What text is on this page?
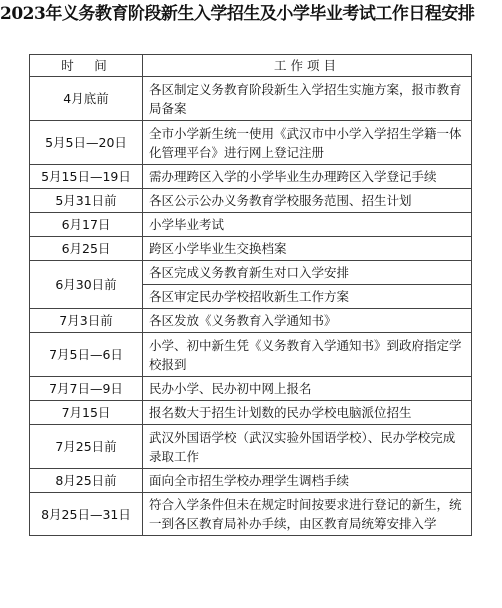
2023年义务教育阶段新生入学招生及小学毕业考试工作日程安排
时　间	工作项目
4月底前	各区制定义务教育阶段新生入学招生实施方案，报市教育局备案
5月5日—20日	全市小学新生统一使用《武汉市中小学入学招生学籍一体化管理平台》进行网上登记注册
5月15日—19日	需办理跨区入学的小学毕业生办理跨区入学登记手续
5月31日前	各区公示公办义务教育学校服务范围、招生计划
6月17日	小学毕业考试
6月25日	跨区小学毕业生交换档案
6月30日前	各区完成义务教育新生对口入学安排
	各区审定民办学校招收新生工作方案
7月3日前	各区发放《义务教育入学通知书》
7月5日—6日	小学、初中新生凭《义务教育入学通知书》到政府指定学校报到
7月7日—9日	民办小学、民办初中网上报名
7月15日	报名数大于招生计划数的民办学校电脑派位招生
7月25日前	武汉外国语学校（武汉实验外国语学校）、民办学校完成录取工作
8月25日前	面向全市招生学校办理学生调档手续
8月25日—31日	符合入学条件但未在规定时间按要求进行登记的新生，统一到各区教育局补办手续，由区教育局统筹安排入学
